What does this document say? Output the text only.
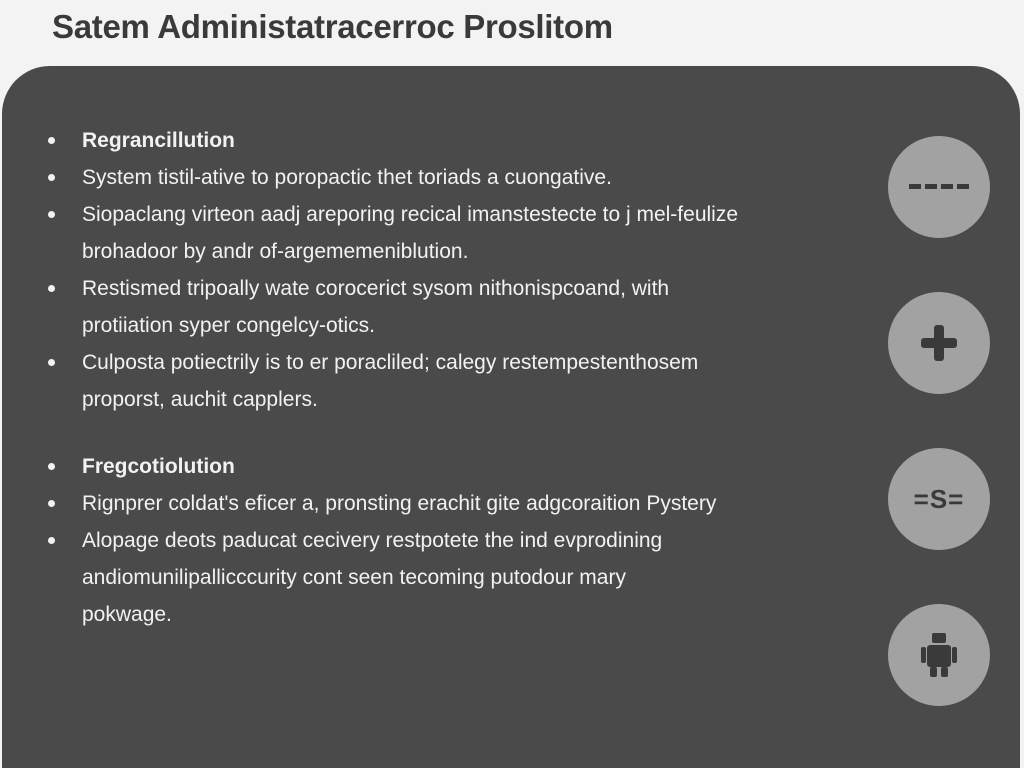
Satem Administatracerroc Proslitom
Regrancillution
System tistil-ative to poropactic thet toriads a cuongative.
Siopaclang virteon aadj areporing recical imanstestecte to j mel-feulize
brohadoor by andr of-argememeniblution.
Restismed tripoally wate corocerict sysom nithonispcoand, with
protiiation syper congelcy-otics.
Culposta potiectrily is to er poracliled; calegy restempestenthosem
proporst, auchit capplers.
Fregcotiolution
Rignprer coldat's eficer a, pronsting erachit gite adgcoraition Pystery
Alopage deots paducat cecivery restpotete the ind evprodining
andiomunilipallicccurity cont seen tecoming putodour mary
pokwage.
=S=
